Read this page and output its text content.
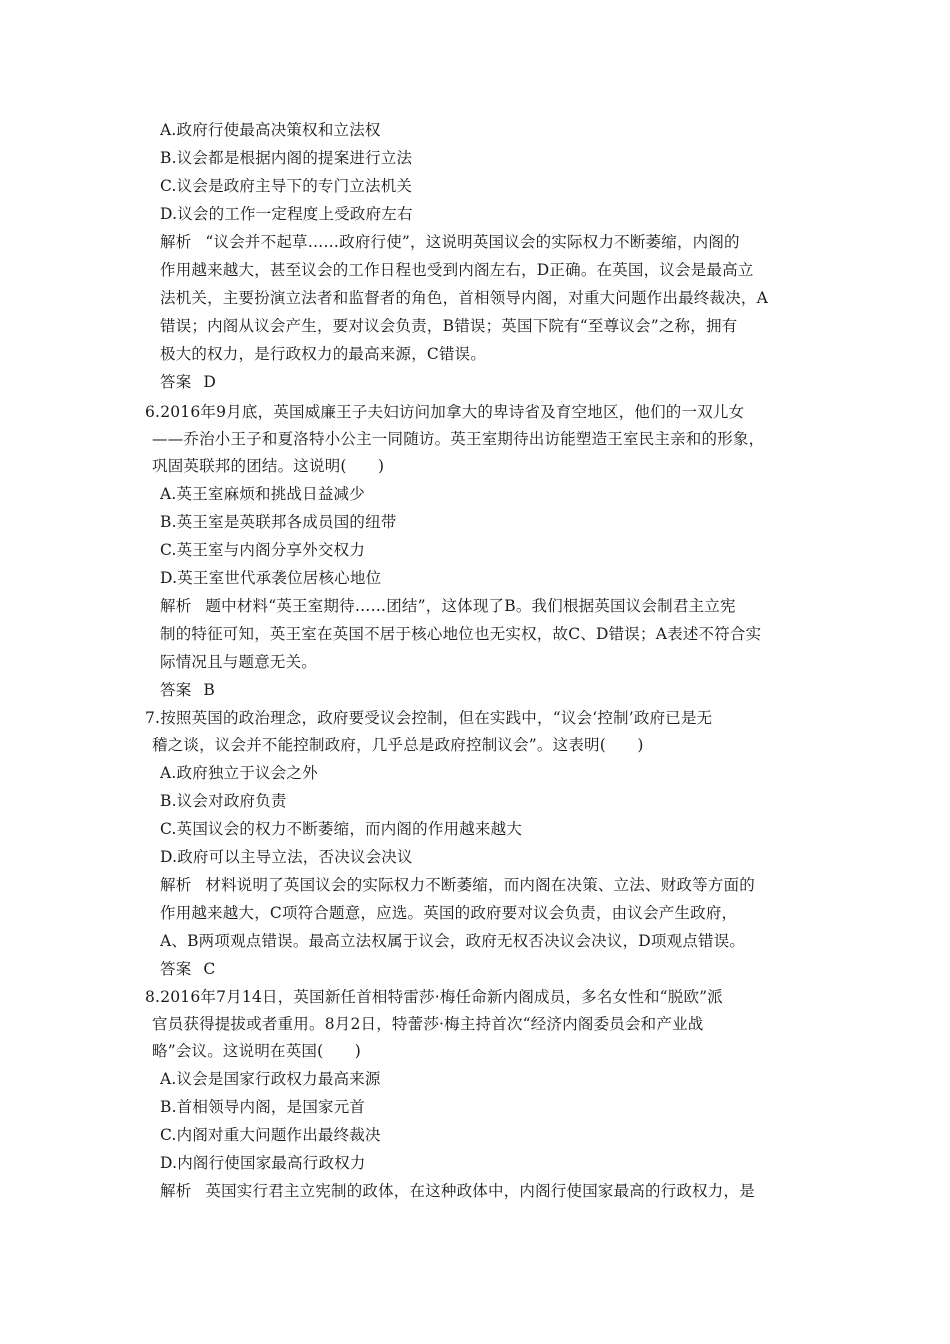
A.政府行使最高决策权和立法权
B.议会都是根据内阁的提案进行立法
C.议会是政府主导下的专门立法机关
D.议会的工作一定程度上受政府左右
解析 “议会并不起草……政府行使”，这说明英国议会的实际权力不断萎缩，内阁的
作用越来越大，甚至议会的工作日程也受到内阁左右，D正确。在英国，议会是最高立
法机关，主要扮演立法者和监督者的角色，首相领导内阁，对重大问题作出最终裁决，A
错误；内阁从议会产生，要对议会负责，B错误；英国下院有“至尊议会”之称，拥有
极大的权力，是行政权力的最高来源，C错误。
答案 D
6.2016年9月底，英国威廉王子夫妇访问加拿大的卑诗省及育空地区，他们的一双儿女
——乔治小王子和夏洛特小公主一同随访。英王室期待出访能塑造王室民主亲和的形象，
巩固英联邦的团结。这说明(　　)
A.英王室麻烦和挑战日益减少
B.英王室是英联邦各成员国的纽带
C.英王室与内阁分享外交权力
D.英王室世代承袭位居核心地位
解析 题中材料“英王室期待……团结”，这体现了B。我们根据英国议会制君主立宪
制的特征可知，英王室在英国不居于核心地位也无实权，故C、D错误；A表述不符合实
际情况且与题意无关。
答案 B
7.按照英国的政治理念，政府要受议会控制，但在实践中，“议会‘控制’政府已是无
稽之谈，议会并不能控制政府，几乎总是政府控制议会”。这表明(　　)
A.政府独立于议会之外
B.议会对政府负责
C.英国议会的权力不断萎缩，而内阁的作用越来越大
D.政府可以主导立法，否决议会决议
解析 材料说明了英国议会的实际权力不断萎缩，而内阁在决策、立法、财政等方面的
作用越来越大，C项符合题意，应选。英国的政府要对议会负责，由议会产生政府，
A、B两项观点错误。最高立法权属于议会，政府无权否决议会决议，D项观点错误。
答案 C
8.2016年7月14日，英国新任首相特雷莎·梅任命新内阁成员，多名女性和“脱欧”派
官员获得提拔或者重用。8月2日，特蕾莎·梅主持首次“经济内阁委员会和产业战
略”会议。这说明在英国(　　)
A.议会是国家行政权力最高来源
B.首相领导内阁，是国家元首
C.内阁对重大问题作出最终裁决
D.内阁行使国家最高行政权力
解析 英国实行君主立宪制的政体，在这种政体中，内阁行使国家最高的行政权力，是
